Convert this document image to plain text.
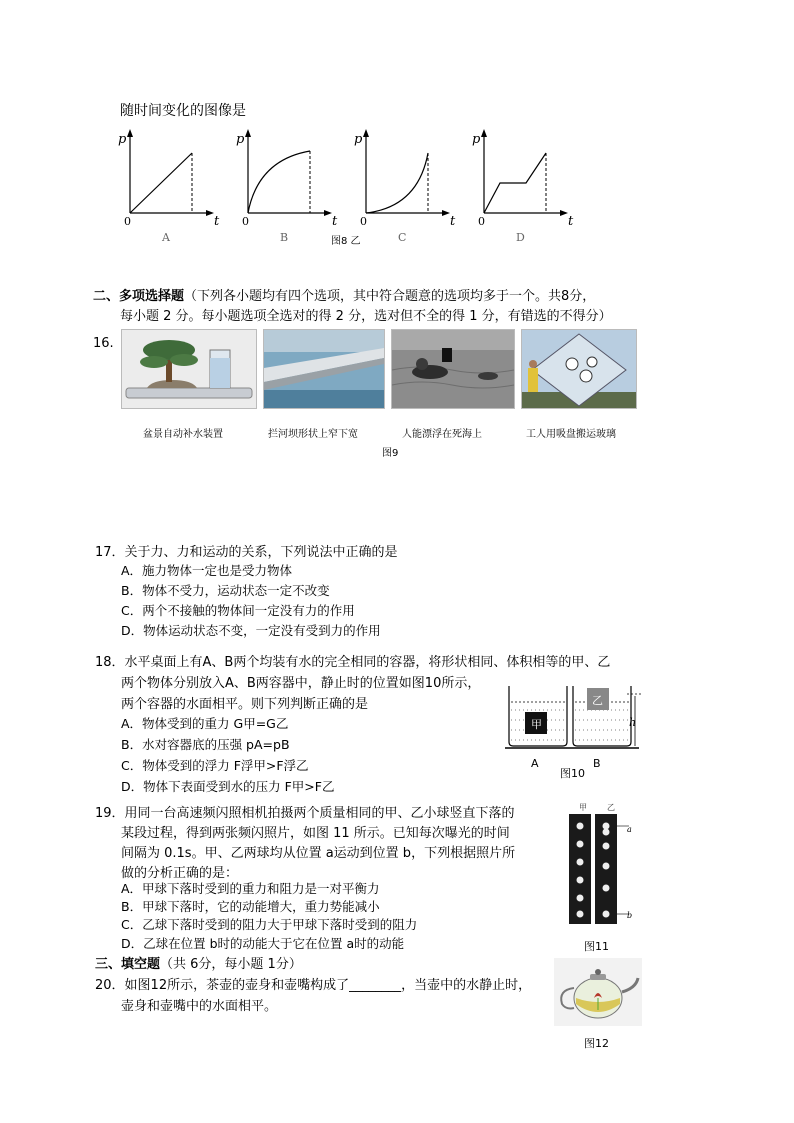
随时间变化的图像是
p
t
0
A
p
t
0
B
p
t
0
C
p
t
0
D
图8 乙
二、多项选择题（下列各小题均有四个选项，其中符合题意的选项均多于一个。共8分，
每小题 2 分。每小题选项全选对的得 2 分，选对但不全的得 1 分，有错选的不得分）
16.
盆景自动补水装置	拦河坝形状上窄下宽	人能漂浮在死海上	工人用吸盘搬运玻璃
图9
17．关于力、力和运动的关系，下列说法中正确的是
A．施力物体一定也是受力物体
B．物体不受力，运动状态一定不改变
C．两个不接触的物体间一定没有力的作用
D．物体运动状态不变，一定没有受到力的作用
18．水平桌面上有A、B两个均装有水的完全相同的容器，将形状相同、体积相等的甲、乙
两个物体分别放入A、B两容器中，静止时的位置如图10所示，
两个容器的水面相平。则下列判断正确的是
A．物体受到的重力 G甲=G乙
B．水对容器底的压强 pA=pB
C．物体受到的浮力 F浮甲>F浮乙
D．物体下表面受到水的压力 F甲>F乙
甲
乙
h
A	B
图10
19．用同一台高速频闪照相机拍摄两个质量相同的甲、乙小球竖直下落的
某段过程，得到两张频闪照片，如图 11 所示。已知每次曝光的时间
间隔为 0.1s。甲、乙两球均从位置 a运动到位置 b，下列根据照片所
做的分析正确的是：
A．甲球下落时受到的重力和阻力是一对平衡力
B．甲球下落时，它的动能增大，重力势能减小
C．乙球下落时受到的阻力大于甲球下落时受到的阻力
D．乙球在位置 b时的动能大于它在位置 a时的动能
甲	乙
a
b
图11
三、填空题（共 6分，每小题 1分）
20．如图12所示，茶壶的壶身和壶嘴构成了________，当壶中的水静止时，
壶身和壶嘴中的水面相平。
图12
